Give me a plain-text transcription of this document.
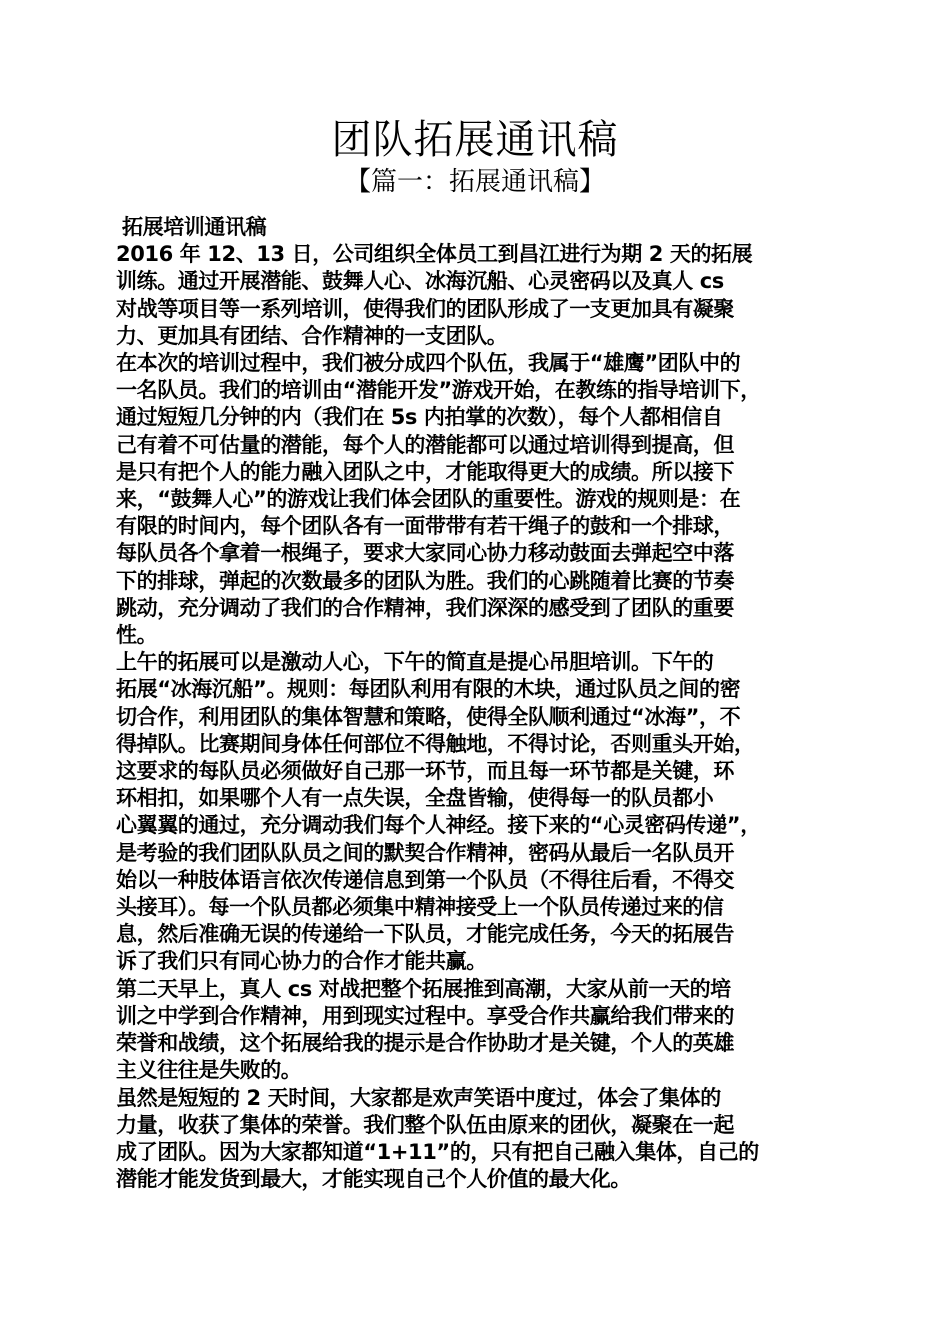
团队拓展通讯稿
【篇一：拓展通讯稿】
拓展培训通讯稿
2016 年 12、13 日，公司组织全体员工到昌江进行为期 2 天的拓展
训练。通过开展潜能、鼓舞人心、冰海沉船、心灵密码以及真人 cs
对战等项目等一系列培训，使得我们的团队形成了一支更加具有凝聚
力、更加具有团结、合作精神的一支团队。
在本次的培训过程中，我们被分成四个队伍，我属于“雄鹰”团队中的
一名队员。我们的培训由“潜能开发”游戏开始，在教练的指导培训下，
通过短短几分钟的内（我们在 5s 内拍掌的次数），每个人都相信自
己有着不可估量的潜能，每个人的潜能都可以通过培训得到提高，但
是只有把个人的能力融入团队之中，才能取得更大的成绩。所以接下
来，“鼓舞人心”的游戏让我们体会团队的重要性。游戏的规则是：在
有限的时间内，每个团队各有一面带带有若干绳子的鼓和一个排球，
每队员各个拿着一根绳子，要求大家同心协力移动鼓面去弹起空中落
下的排球，弹起的次数最多的团队为胜。我们的心跳随着比赛的节奏
跳动，充分调动了我们的合作精神，我们深深的感受到了团队的重要
性。
上午的拓展可以是激动人心，下午的简直是提心吊胆培训。下午的
拓展“冰海沉船”。规则：每团队利用有限的木块，通过队员之间的密
切合作，利用团队的集体智慧和策略，使得全队顺利通过“冰海”，不
得掉队。比赛期间身体任何部位不得触地，不得讨论，否则重头开始，
这要求的每队员必须做好自己那一环节，而且每一环节都是关键，环
环相扣，如果哪个人有一点失误，全盘皆输，使得每一的队员都小
心翼翼的通过，充分调动我们每个人神经。接下来的“心灵密码传递”，
是考验的我们团队队员之间的默契合作精神，密码从最后一名队员开
始以一种肢体语言依次传递信息到第一个队员（不得往后看，不得交
头接耳）。每一个队员都必须集中精神接受上一个队员传递过来的信
息，然后准确无误的传递给一下队员，才能完成任务，今天的拓展告
诉了我们只有同心协力的合作才能共赢。
第二天早上，真人 cs 对战把整个拓展推到高潮，大家从前一天的培
训之中学到合作精神，用到现实过程中。享受合作共赢给我们带来的
荣誉和战绩，这个拓展给我的提示是合作协助才是关键，个人的英雄
主义往往是失败的。
虽然是短短的 2 天时间，大家都是欢声笑语中度过，体会了集体的
力量，收获了集体的荣誉。我们整个队伍由原来的团伙，凝聚在一起
成了团队。因为大家都知道“1+11”的，只有把自己融入集体，自己的
潜能才能发货到最大，才能实现自己个人价值的最大化。
